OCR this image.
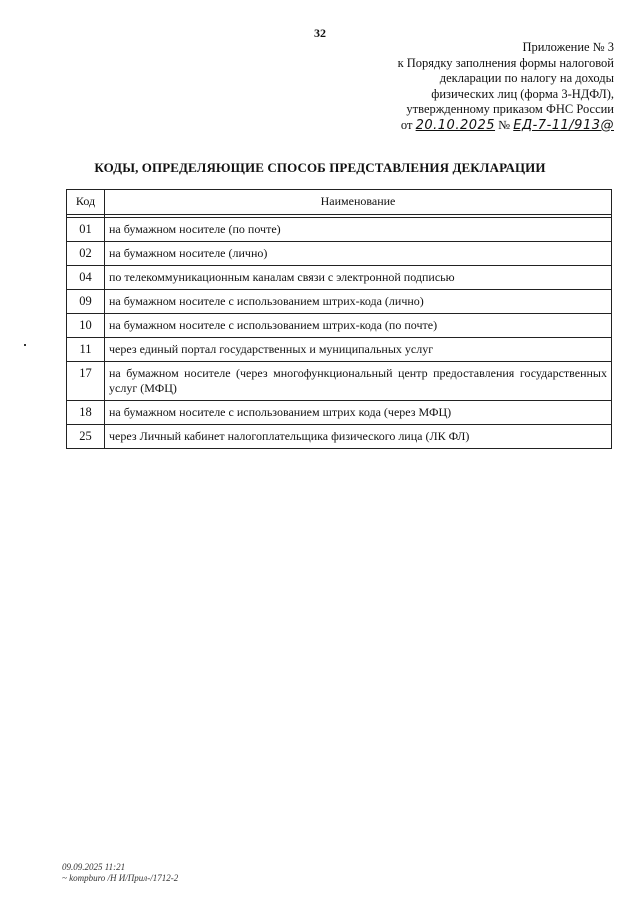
32
Приложение № 3
к Порядку заполнения формы налоговой
декларации по налогу на доходы
физических лиц (форма 3-НДФЛ),
утвержденному приказом ФНС России
от 20.10.2025 № ЕД-7-11/913@
КОДЫ, ОПРЕДЕЛЯЮЩИЕ СПОСОБ ПРЕДСТАВЛЕНИЯ ДЕКЛАРАЦИИ
Код	Наименование

01	на бумажном носителе (по почте)
02	на бумажном носителе (лично)
04	по телекоммуникационным каналам связи с электронной подписью
09	на бумажном носителе с использованием штрих-кода (лично)
10	на бумажном носителе с использованием штрих-кода (по почте)
11	через единый портал государственных и муниципальных услуг
17	на бумажном носителе (через многофункциональный центр предоставления государственных услуг (МФЦ)
18	на бумажном носителе с использованием штрих кода (через МФЦ)
25	через Личный кабинет налогоплательщика физического лица (ЛК ФЛ)
09.09.2025 11:21
~ kompburo /Н И/Прил-/1712-2
